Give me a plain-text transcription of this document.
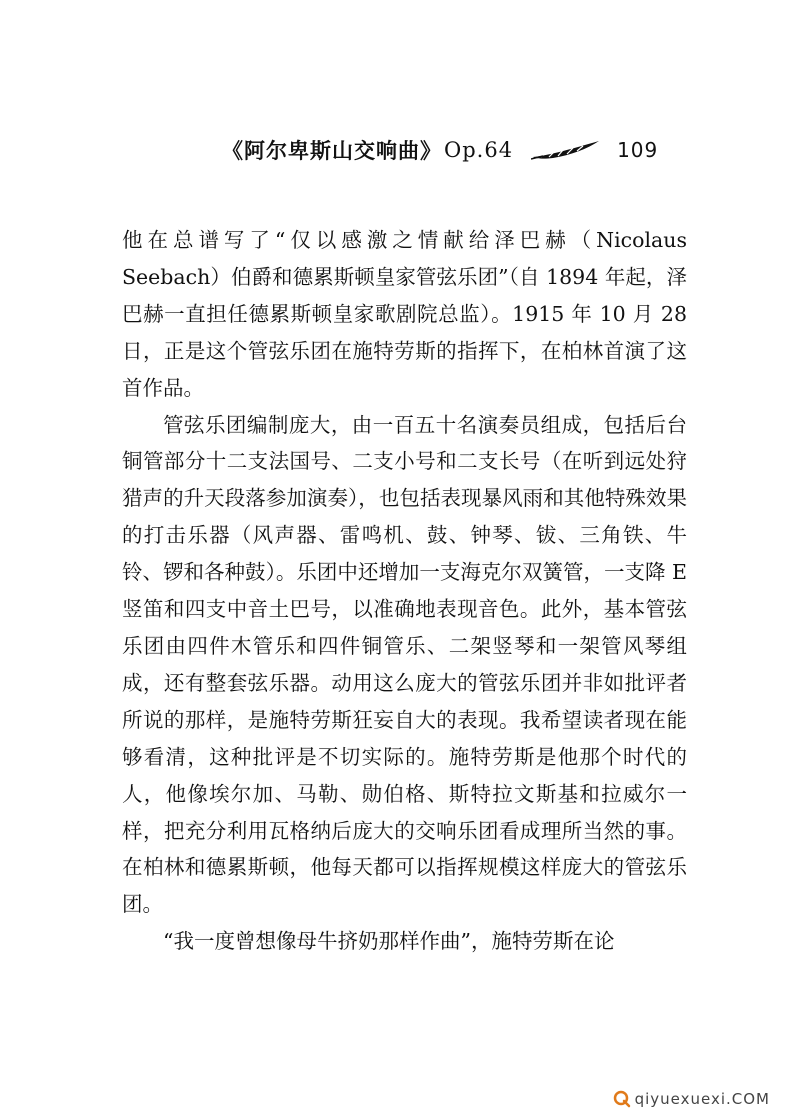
《阿尔卑斯山交响曲》 Op.64	109

他在总谱写了“仅以感激之情献给泽巴赫（Nicolaus Seebach）伯爵和德累斯顿皇家管弦乐团”（自 1894 年起，泽巴赫一直担任德累斯顿皇家歌剧院总监）。1915 年 10 月 28 日，正是这个管弦乐团在施特劳斯的指挥下，在柏林首演了这首作品。

管弦乐团编制庞大，由一百五十名演奏员组成，包括后台铜管部分十二支法国号、二支小号和二支长号（在听到远处狩猎声的升天段落参加演奏），也包括表现暴风雨和其他特殊效果的打击乐器（风声器、雷鸣机、鼓、钟琴、钹、三角铁、牛铃、锣和各种鼓）。乐团中还增加一支海克尔双簧管，一支降 E 竖笛和四支中音土巴号，以准确地表现音色。此外，基本管弦乐团由四件木管乐和四件铜管乐、二架竖琴和一架管风琴组成，还有整套弦乐器。动用这么庞大的管弦乐团并非如批评者所说的那样，是施特劳斯狂妄自大的表现。我希望读者现在能够看清，这种批评是不切实际的。施特劳斯是他那个时代的人，他像埃尔加、马勒、勋伯格、斯特拉文斯基和拉威尔一样，把充分利用瓦格纳后庞大的交响乐团看成理所当然的事。在柏林和德累斯顿，他每天都可以指挥规模这样庞大的管弦乐团。

“我一度曾想像母牛挤奶那样作曲”，施特劳斯在论

qiyuexuexi.COM
